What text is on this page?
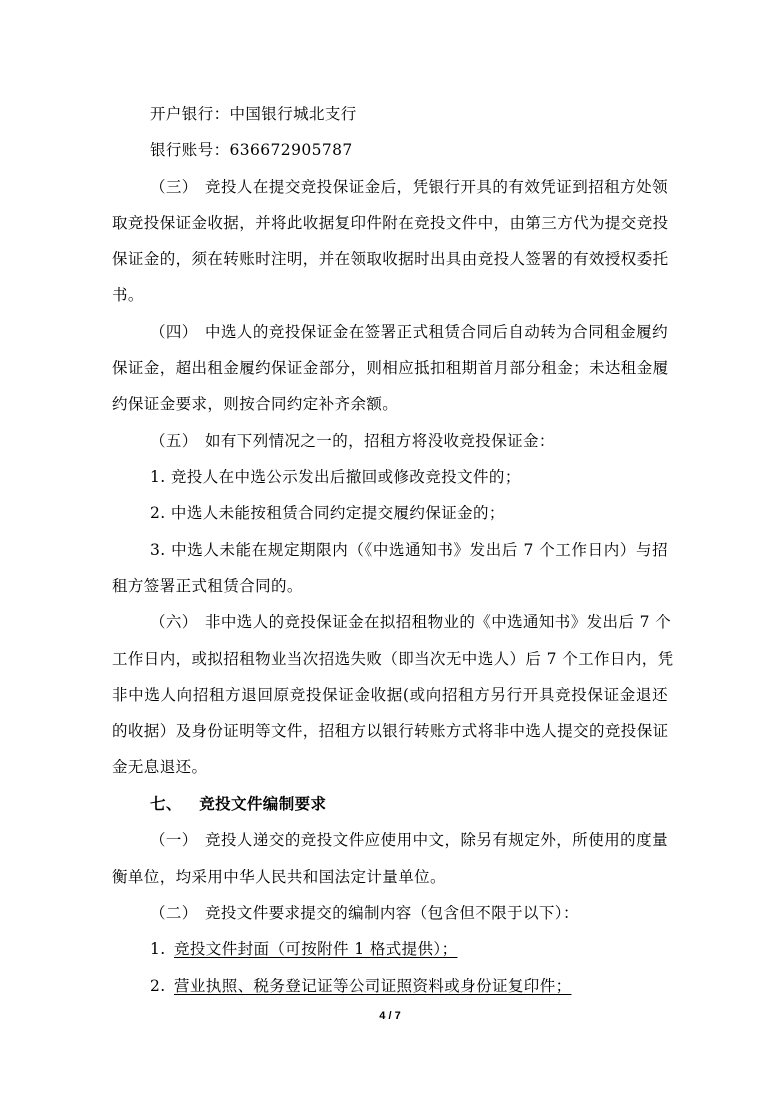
开户银行：中国银行城北支行
银行账号：636672905787
（三） 竞投人在提交竞投保证金后，凭银行开具的有效凭证到招租方处领
取竞投保证金收据，并将此收据复印件附在竞投文件中，由第三方代为提交竞投
保证金的，须在转账时注明，并在领取收据时出具由竞投人签署的有效授权委托
书。
（四） 中选人的竞投保证金在签署正式租赁合同后自动转为合同租金履约
保证金，超出租金履约保证金部分，则相应抵扣租期首月部分租金；未达租金履
约保证金要求，则按合同约定补齐余额。
（五） 如有下列情况之一的，招租方将没收竞投保证金：
1. 竞投人在中选公示发出后撤回或修改竞投文件的；
2. 中选人未能按租赁合同约定提交履约保证金的；
3. 中选人未能在规定期限内（《中选通知书》发出后 7 个工作日内）与招
租方签署正式租赁合同的。
（六） 非中选人的竞投保证金在拟招租物业的《中选通知书》发出后 7 个
工作日内，或拟招租物业当次招选失败（即当次无中选人）后 7 个工作日内，凭
非中选人向招租方退回原竞投保证金收据(或向招租方另行开具竞投保证金退还
的收据）及身份证明等文件，招租方以银行转账方式将非中选人提交的竞投保证
金无息退还。
七、   竞投文件编制要求
（一） 竞投人递交的竞投文件应使用中文，除另有规定外，所使用的度量
衡单位，均采用中华人民共和国法定计量单位。
（二） 竞投文件要求提交的编制内容（包含但不限于以下）：
1. 竞投文件封面（可按附件 1 格式提供）；
2. 营业执照、税务登记证等公司证照资料或身份证复印件；
4 / 7
